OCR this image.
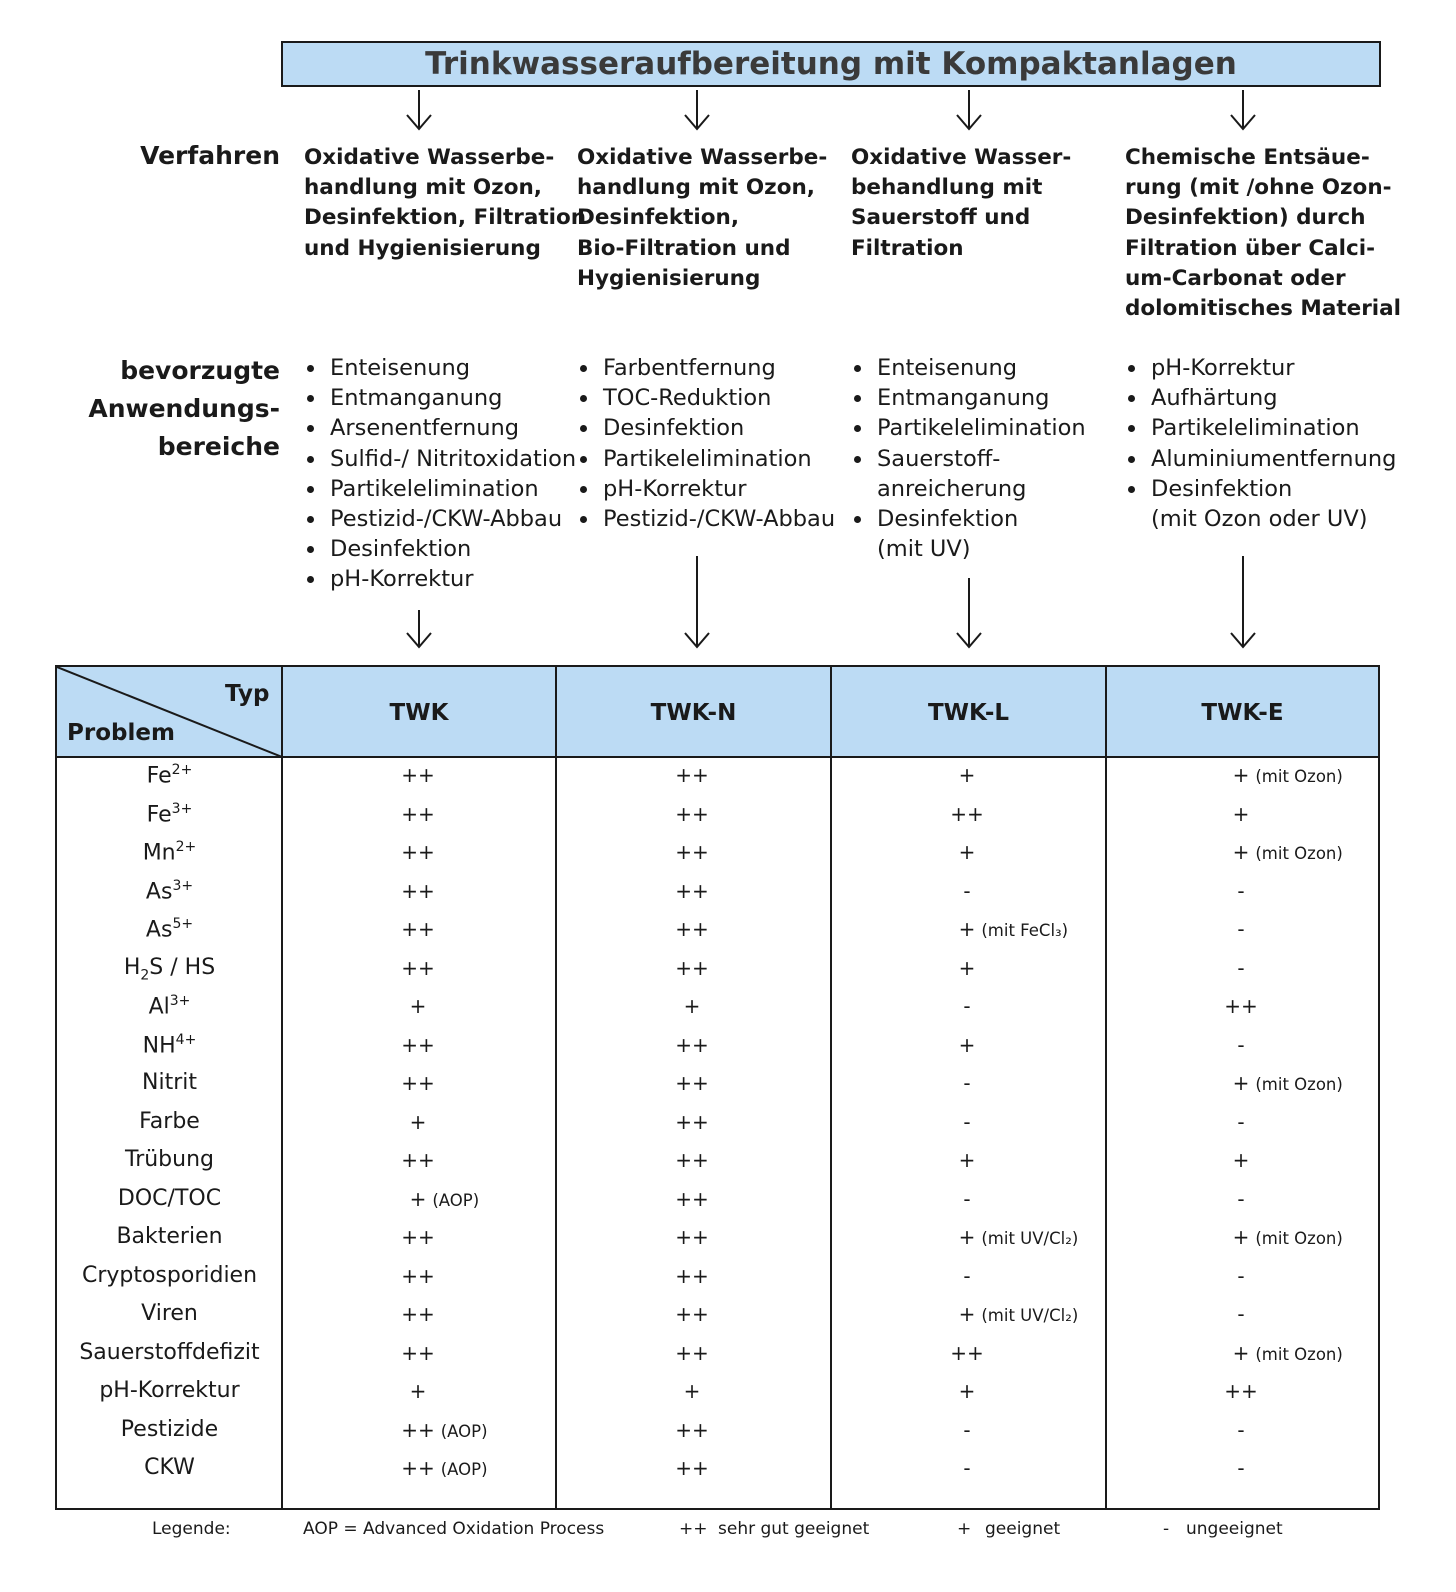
Trinkwasseraufbereitung mit Kompaktanlagen
Verfahren
bevorzugte
Anwendungs-
bereiche
Oxidative Wasserbe-
handlung mit Ozon,
Desinfektion, Filtration
und Hygienisierung
Enteisenung
Entmanganung
Arsenentfernung
Sulfid-/ Nitritoxidation
Partikelelimination
Pestizid-/CKW-Abbau
Desinfektion
pH-Korrektur
Oxidative Wasserbe-
handlung mit Ozon,
Desinfektion,
Bio-Filtration und
Hygienisierung
Farbentfernung
TOC-Reduktion
Desinfektion
Partikelelimination
pH-Korrektur
Pestizid-/CKW-Abbau
Oxidative Wasser-
behandlung mit
Sauerstoff und
Filtration
Enteisenung
Entmanganung
Partikelelimination
Sauerstoff-
anreicherung
Desinfektion
(mit UV)
Chemische Entsäue-
rung (mit /ohne Ozon-
Desinfektion) durch
Filtration über Calci-
um-Carbonat oder
dolomitisches Material
pH-Korrektur
Aufhärtung
Partikelelimination
Aluminiumentfernung
Desinfektion
(mit Ozon oder UV)
Typ
Problem
TWK	TWK-N	TWK-L	TWK-E
$Fe^{2+}$	++	++	+	+ (mit Ozon)
$Fe^{3+}$	++	++	++	+
$Mn^{2+}$	++	++	+	+ (mit Ozon)
$As^{3+}$	++	++	-	-
$As^{5+}$	++	++	+ (mit FeCl₃)	-
$H_2S$ / HS	++	++	+	-
$Al^{3+}$	+	+	-	++
$NH^{4+}$	++	++	+	-
Nitrit	++	++	-	+ (mit Ozon)
Farbe	+	++	-	-
Trübung	++	++	+	+
DOC/TOC	+ (AOP)	++	-	-
Bakterien	++	++	+ (mit UV/Cl₂)	+ (mit Ozon)
Cryptosporidien	++	++	-	-
Viren	++	++	+ (mit UV/Cl₂)	-
Sauerstoffdefizit	++	++	++	+ (mit Ozon)
pH-Korrektur	+	+	+	++
Pestizide	++ (AOP)	++	-	-
CKW	++ (AOP)	++	-	-
Legende:	AOP = Advanced Oxidation Process	++ sehr gut geeignet	+ geeignet	- ungeeignet
